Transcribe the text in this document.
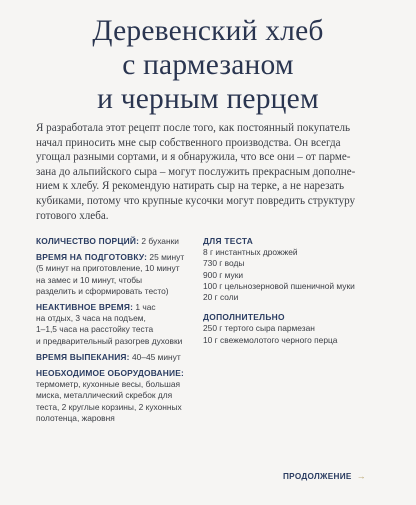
Деревенский хлеб
с пармезаном
и черным перцем
Я разработала этот рецепт после того, как постоянный покупатель
начал приносить мне сыр собственного производства. Он всегда
угощал разными сортами, и я обнаружила, что все они – от парме-
зана до альпийского сыра – могут послужить прекрасным дополне-
нием к хлебу. Я рекомендую натирать сыр на терке, а не нарезать
кубиками, потому что крупные кусочки могут повредить структуру
готового хлеба.
КОЛИЧЕСТВО ПОРЦИЙ: 2 буханки
ВРЕМЯ НА ПОДГОТОВКУ: 25 минут
(5 минут на приготовление, 10 минут
на замес и 10 минут, чтобы
разделить и сформировать тесто)
НЕАКТИВНОЕ ВРЕМЯ: 1 час
на отдых, 3 часа на подъем,
1–1,5 часа на расстойку теста
и предварительный разогрев духовки
ВРЕМЯ ВЫПЕКАНИЯ: 40–45 минут
НЕОБХОДИМОЕ ОБОРУДОВАНИЕ:
термометр, кухонные весы, большая
миска, металлический скребок для
теста, 2 круглые корзины, 2 кухонных
полотенца, жаровня
ДЛЯ ТЕСТА
8 г инстантных дрожжей
730 г воды
900 г муки
100 г цельнозерновой пшеничной муки
20 г соли
ДОПОЛНИТЕЛЬНО
250 г тертого сыра пармезан
10 г свежемолотого черного перца
ПРОДОЛЖЕНИЕ →
